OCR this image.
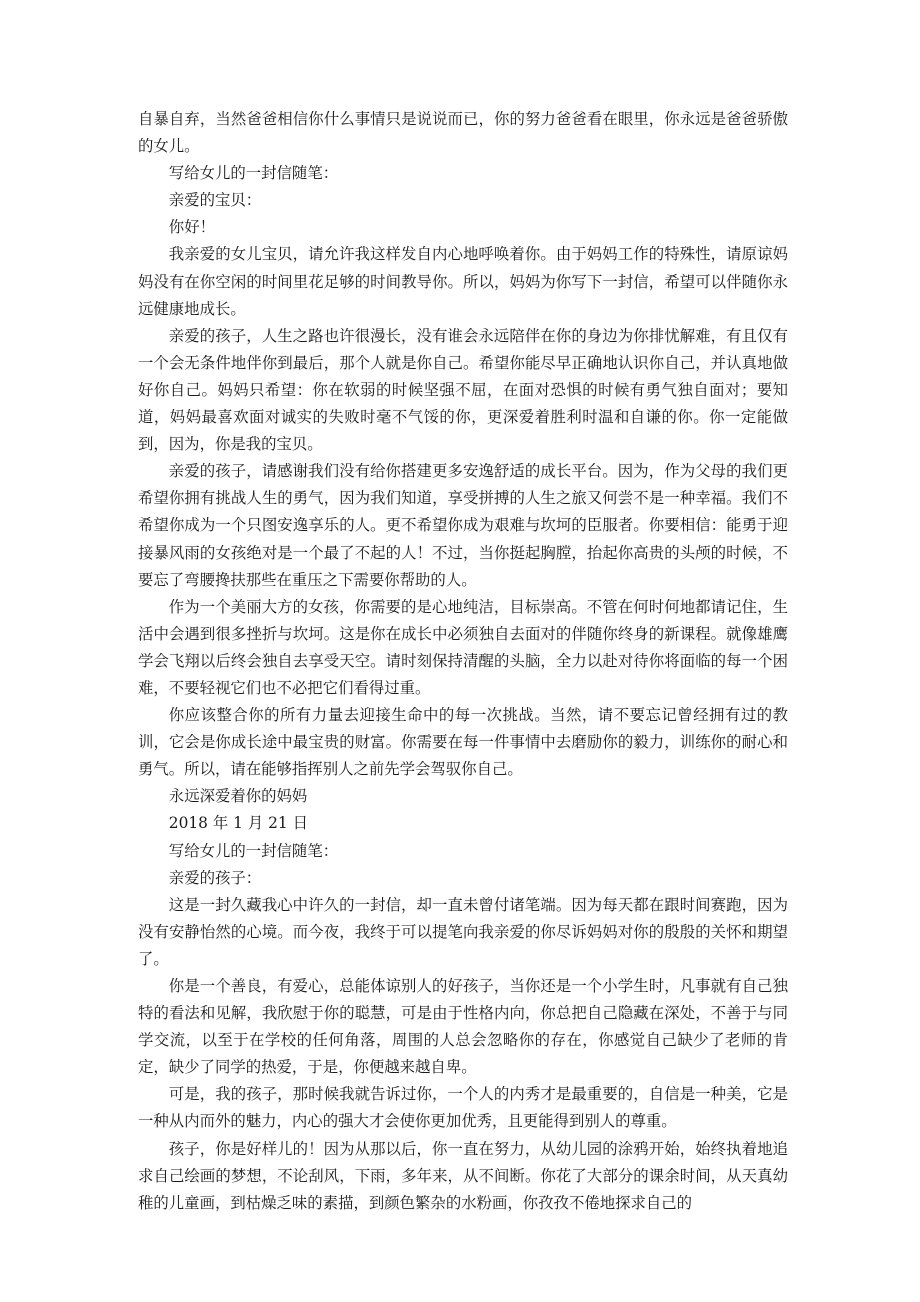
自暴自弃，当然爸爸相信你什么事情只是说说而已，你的努力爸爸看在眼里，你永远是爸爸骄傲的女儿。

写给女儿的一封信随笔：

亲爱的宝贝：

你好！

我亲爱的女儿宝贝，请允许我这样发自内心地呼唤着你。由于妈妈工作的特殊性，请原谅妈妈没有在你空闲的时间里花足够的时间教导你。所以，妈妈为你写下一封信，希望可以伴随你永远健康地成长。

亲爱的孩子，人生之路也许很漫长，没有谁会永远陪伴在你的身边为你排忧解难，有且仅有一个会无条件地伴你到最后，那个人就是你自己。希望你能尽早正确地认识你自己，并认真地做好你自己。妈妈只希望：你在软弱的时候坚强不屈，在面对恐惧的时候有勇气独自面对；要知道，妈妈最喜欢面对诚实的失败时毫不气馁的你，更深爱着胜利时温和自谦的你。你一定能做到，因为，你是我的宝贝。

亲爱的孩子，请感谢我们没有给你搭建更多安逸舒适的成长平台。因为，作为父母的我们更希望你拥有挑战人生的勇气，因为我们知道，享受拼搏的人生之旅又何尝不是一种幸福。我们不希望你成为一个只图安逸享乐的人。更不希望你成为艰难与坎坷的臣服者。你要相信：能勇于迎接暴风雨的女孩绝对是一个最了不起的人！不过，当你挺起胸膛，抬起你高贵的头颅的时候，不要忘了弯腰搀扶那些在重压之下需要你帮助的人。

作为一个美丽大方的女孩，你需要的是心地纯洁，目标崇高。不管在何时何地都请记住，生活中会遇到很多挫折与坎坷。这是你在成长中必须独自去面对的伴随你终身的新课程。就像雄鹰学会飞翔以后终会独自去享受天空。请时刻保持清醒的头脑，全力以赴对待你将面临的每一个困难，不要轻视它们也不必把它们看得过重。

你应该整合你的所有力量去迎接生命中的每一次挑战。当然，请不要忘记曾经拥有过的教训，它会是你成长途中最宝贵的财富。你需要在每一件事情中去磨励你的毅力，训练你的耐心和勇气。所以，请在能够指挥别人之前先学会驾驭你自己。

永远深爱着你的妈妈

2018 年 1 月 21 日

写给女儿的一封信随笔：

亲爱的孩子：

这是一封久藏我心中许久的一封信，却一直未曾付诸笔端。因为每天都在跟时间赛跑，因为没有安静怡然的心境。而今夜，我终于可以提笔向我亲爱的你尽诉妈妈对你的殷殷的关怀和期望了。

你是一个善良，有爱心，总能体谅别人的好孩子，当你还是一个小学生时，凡事就有自己独特的看法和见解，我欣慰于你的聪慧，可是由于性格内向，你总把自己隐藏在深处，不善于与同学交流，以至于在学校的任何角落，周围的人总会忽略你的存在，你感觉自己缺少了老师的肯定，缺少了同学的热爱，于是，你便越来越自卑。

可是，我的孩子，那时候我就告诉过你，一个人的内秀才是最重要的，自信是一种美，它是一种从内而外的魅力，内心的强大才会使你更加优秀，且更能得到别人的尊重。

孩子，你是好样儿的！因为从那以后，你一直在努力，从幼儿园的涂鸦开始，始终执着地追求自己绘画的梦想，不论刮风，下雨，多年来，从不间断。你花了大部分的课余时间，从天真幼稚的儿童画，到枯燥乏味的素描，到颜色繁杂的水粉画，你孜孜不倦地探求自己的
